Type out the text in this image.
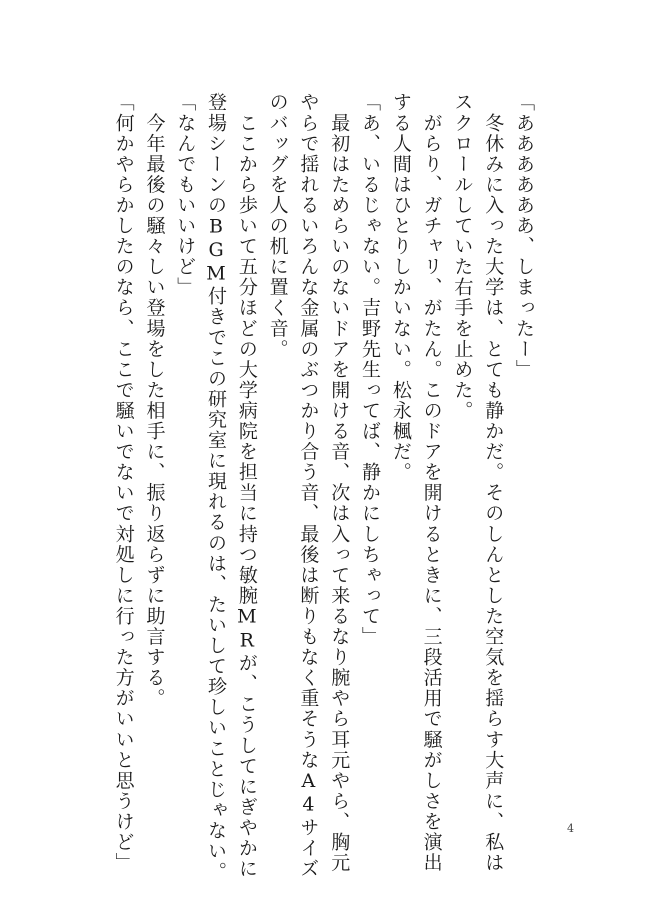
「ああああああ、しまったー」
　冬休みに入った大学は、とても静かだ。そのしんとした空気を揺らす大声に、私は
スクロールしていた右手を止めた。
　がらり、ガチャリ、がたん。このドアを開けるときに、三段活用で騒がしさを演出
する人間はひとりしかいない。松永楓だ。
「あ、いるじゃない。吉野先生ってば、静かにしちゃって」
　最初はためらいのないドアを開ける音、次は入って来るなり腕やら耳元やら、胸元
やらで揺れるいろんな金属のぶつかり合う音、最後は断りもなく重そうなA4サイズ
のバッグを人の机に置く音。
　ここから歩いて五分ほどの大学病院を担当に持つ敏腕MRが、こうしてにぎやかに
登場シーンのBGM付きでこの研究室に現れるのは、たいして珍しいことじゃない。
「なんでもいいけど」
　今年最後の騒々しい登場をした相手に、振り返らずに助言する。
「何かやらかしたのなら、ここで騒いでないで対処しに行った方がいいと思うけど」	4
